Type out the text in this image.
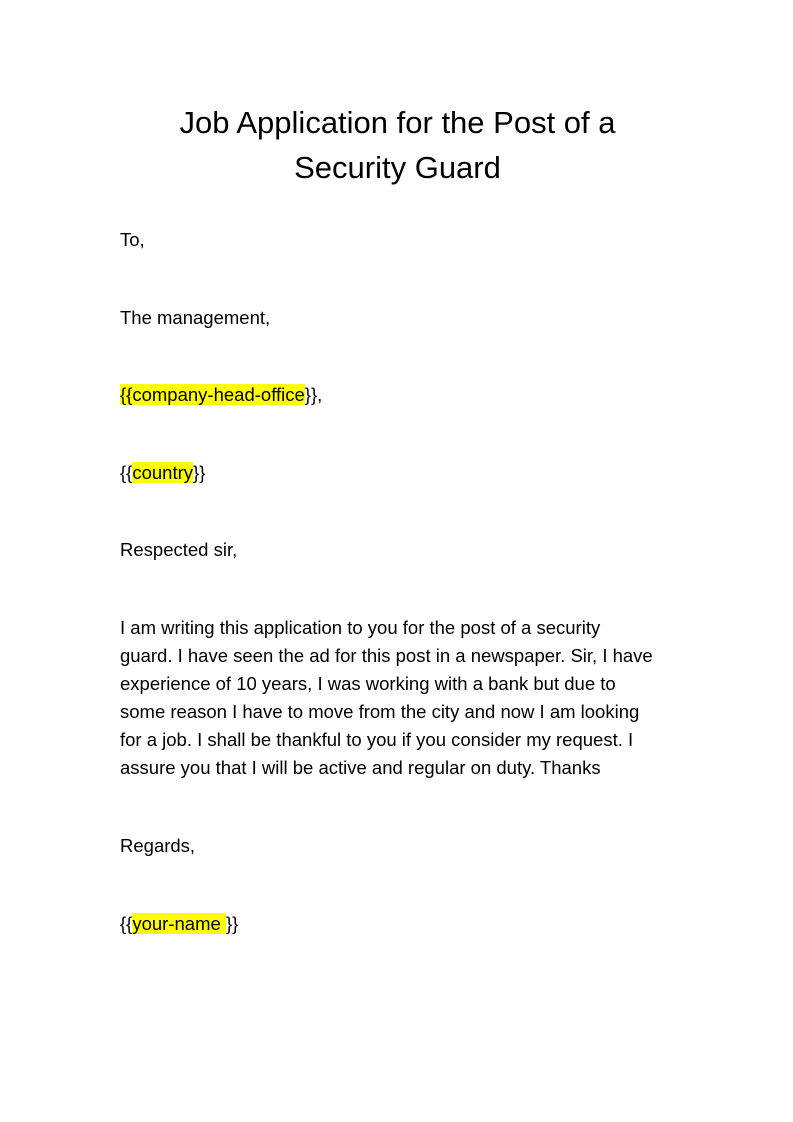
Job Application for the Post of a
Security Guard

To,

The management,

{{company-head-office}},

{{country}}

Respected sir,

I am writing this application to you for the post of a security
guard. I have seen the ad for this post in a newspaper. Sir, I have
experience of 10 years, I was working with a bank but due to
some reason I have to move from the city and now I am looking
for a job. I shall be thankful to you if you consider my request. I
assure you that I will be active and regular on duty. Thanks

Regards,

{{your-name }}
